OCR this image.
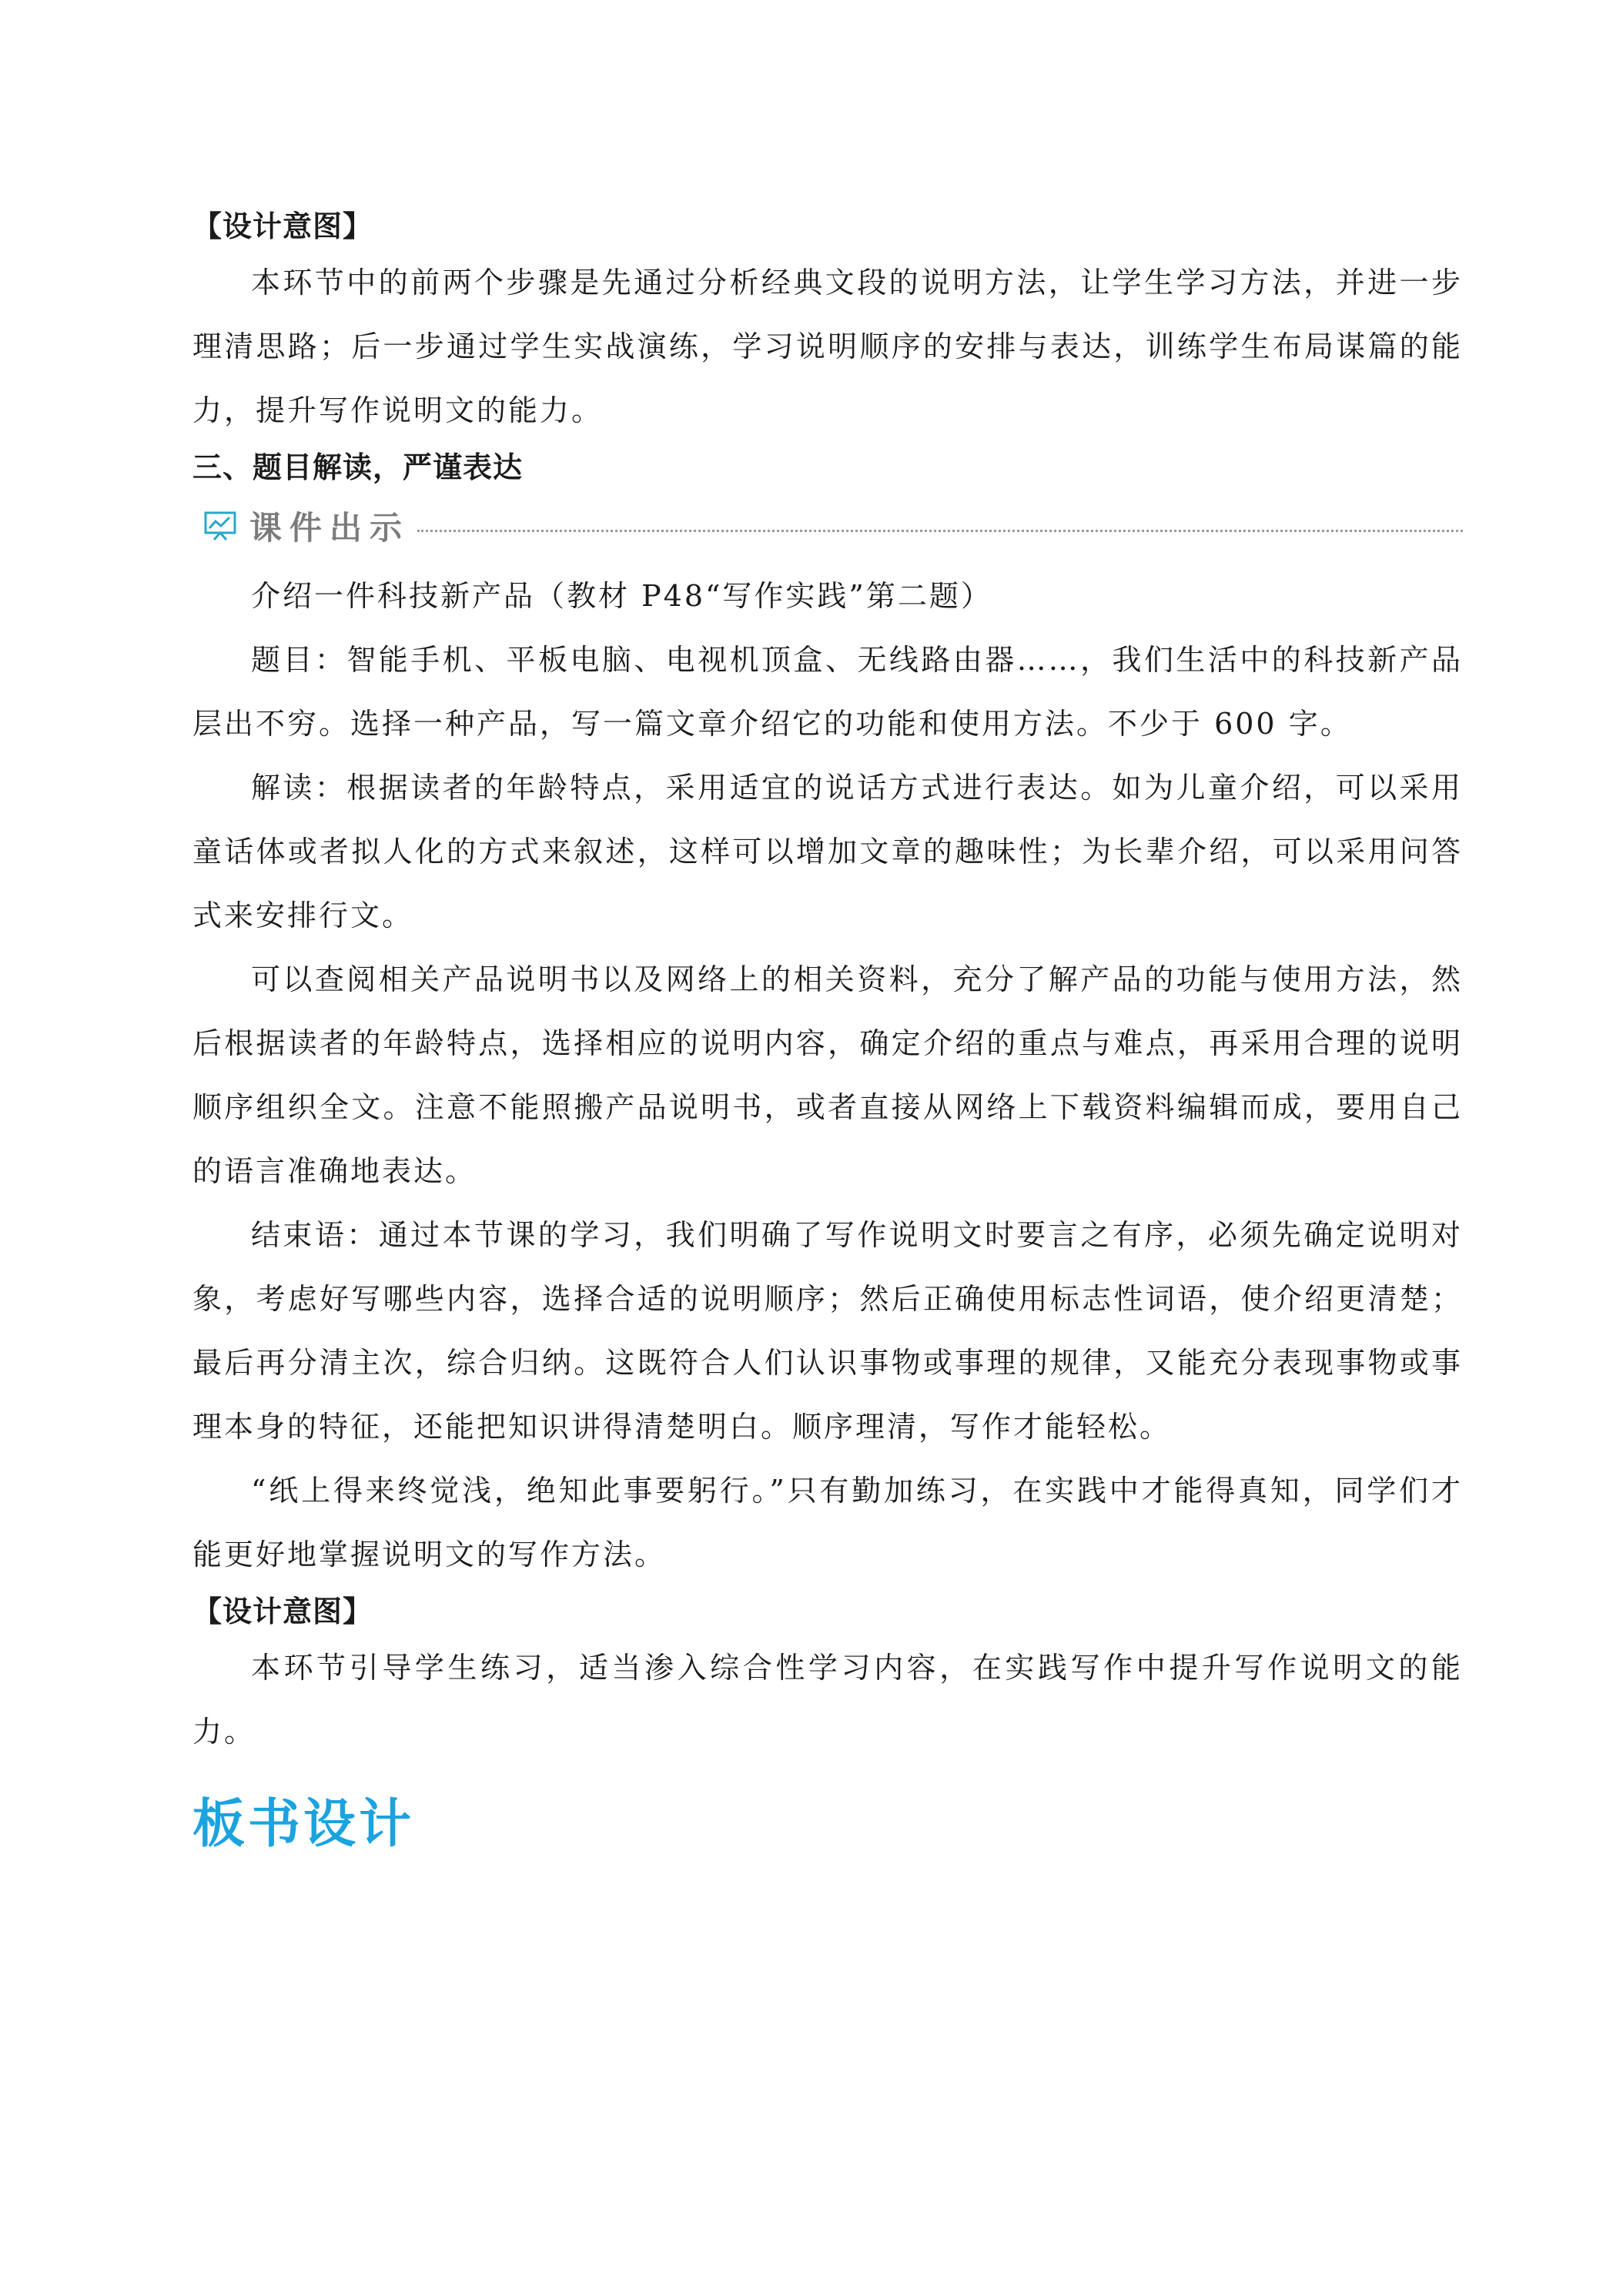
【设计意图】

本环节中的前两个步骤是先通过分析经典文段的说明方法，让学生学习方法，并进一步理清思路；后一步通过学生实战演练，学习说明顺序的安排与表达，训练学生布局谋篇的能力，提升写作说明文的能力。

三、题目解读，严谨表达

课件出示

介绍一件科技新产品（教材 P48“写作实践”第二题）

题目：智能手机、平板电脑、电视机顶盒、无线路由器……，我们生活中的科技新产品层出不穷。选择一种产品，写一篇文章介绍它的功能和使用方法。不少于 600 字。

解读：根据读者的年龄特点，采用适宜的说话方式进行表达。如为儿童介绍，可以采用童话体或者拟人化的方式来叙述，这样可以增加文章的趣味性；为长辈介绍，可以采用问答式来安排行文。

可以查阅相关产品说明书以及网络上的相关资料，充分了解产品的功能与使用方法，然后根据读者的年龄特点，选择相应的说明内容，确定介绍的重点与难点，再采用合理的说明顺序组织全文。注意不能照搬产品说明书，或者直接从网络上下载资料编辑而成，要用自己的语言准确地表达。

结束语：通过本节课的学习，我们明确了写作说明文时要言之有序，必须先确定说明对象，考虑好写哪些内容，选择合适的说明顺序；然后正确使用标志性词语，使介绍更清楚；最后再分清主次，综合归纳。这既符合人们认识事物或事理的规律，又能充分表现事物或事理本身的特征，还能把知识讲得清楚明白。顺序理清，写作才能轻松。

“纸上得来终觉浅，绝知此事要躬行。”只有勤加练习，在实践中才能得真知，同学们才能更好地掌握说明文的写作方法。

【设计意图】

本环节引导学生练习，适当渗入综合性学习内容，在实践写作中提升写作说明文的能力。

板书设计
